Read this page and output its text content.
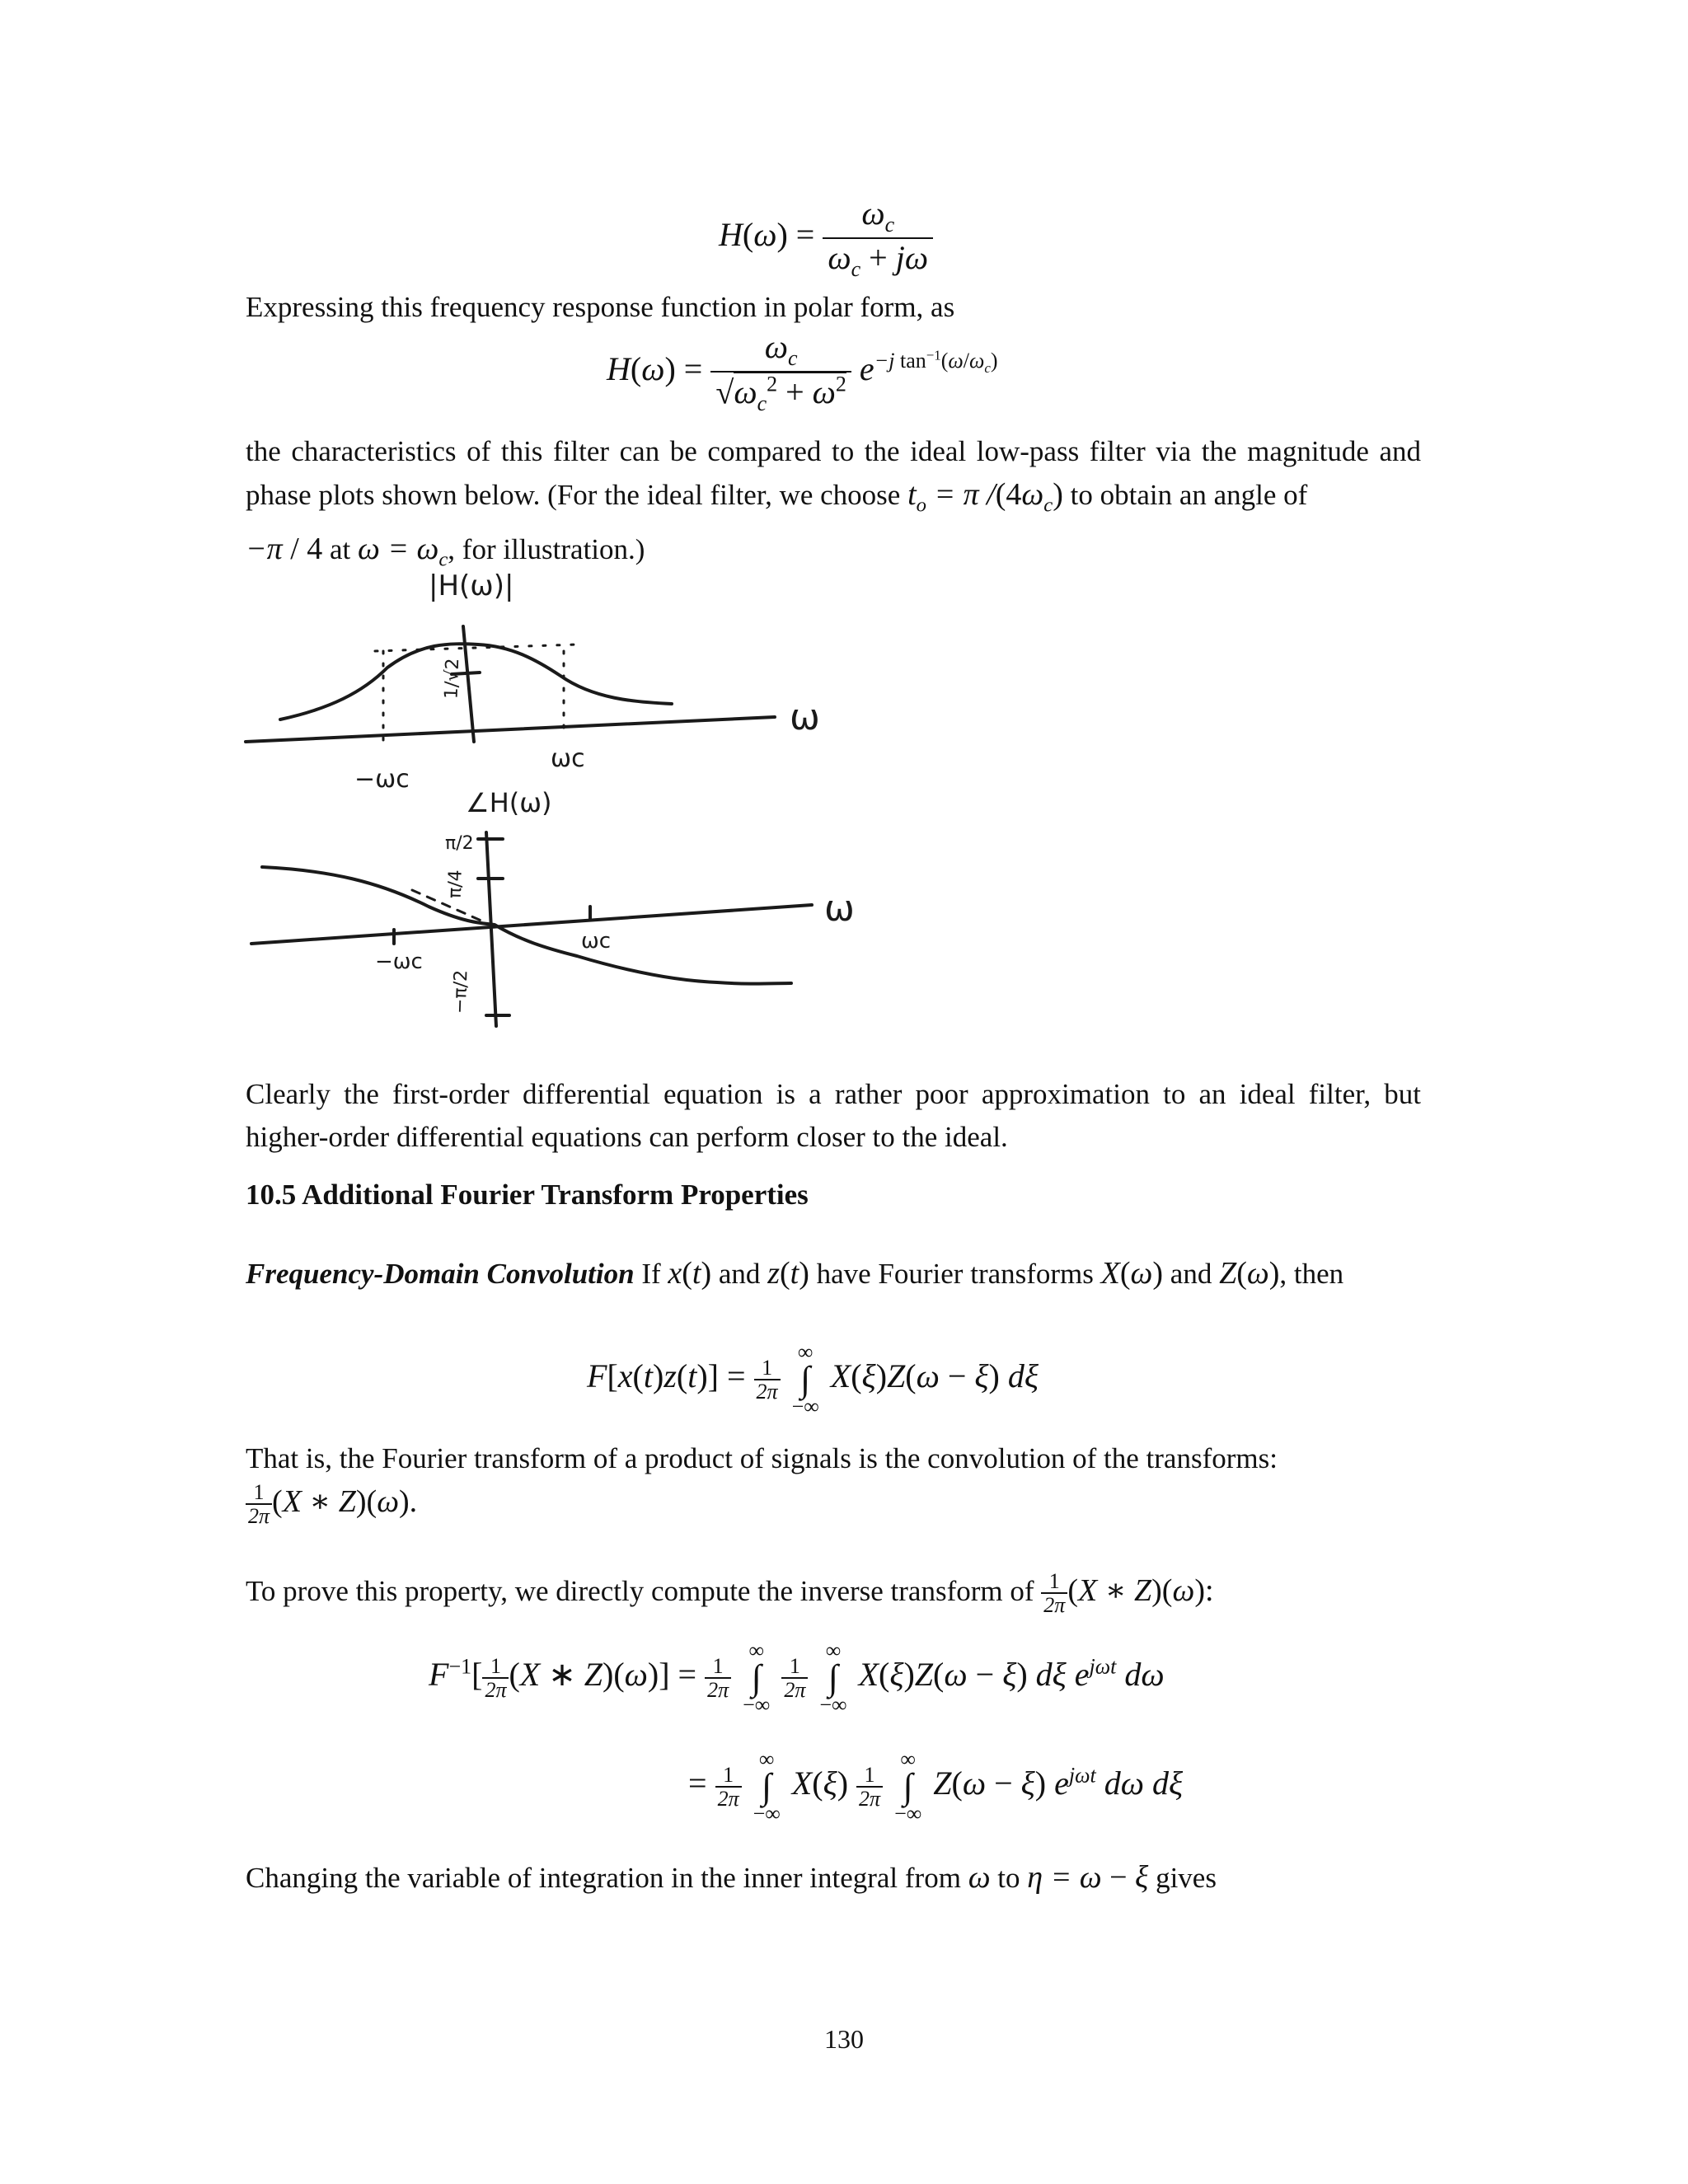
$H(\omega) = \frac{\omega_c}{\omega_c + j\omega}$
Expressing this frequency response function in polar form, as
$H(\omega) = \frac{\omega_c}{√\omega_c^2 + \omega^2} e^{-j tan^{-1}(\omega/\omega_c)}$
the characteristics of this filter can be compared to the ideal low-pass filter via the magnitude and phase plots shown below. (For the ideal filter, we choose $t_o = \pi$ $/(4\omega_c)$ to obtain an angle of
−π / 4 at $\omega = \omega_c$, for illustration.)
|H(ω)|
ω
1/√2
−ωc
ωc
∠H(ω)
ω
π/2
π/4
−ωc
ωc
−π/2
Clearly the first-order differential equation is a rather poor approximation to an ideal filter, but higher-order differential equations can perform closer to the ideal.
10.5 Additional Fourier Transform Properties
Frequency-Domain Convolution If x(t) and z(t) have Fourier transforms X(ω) and Z(ω), then
$F[x(t)z(t)] = \frac{1}{2\pi}$

∞
∫
−∞
X(ξ)Z(ω − ξ) dξ
That is, the Fourier transform of a product of signals is the convolution of the transforms:

$\frac{1}{2\pi} (X$ ∗ Z)(ω).
To prove this property, we directly compute the inverse transform of $\frac{1}{2\pi} (X$ ∗ Z)(ω):
$F^{-1}[ \frac{1}{2\pi} (X$ ∗ $Z)(\omega)] = \frac{1}{2\pi}$

∞
∫
−∞

$\frac{1}{2\pi}$

∞
∫
−∞
X(ξ)Z(ω − ξ) dξ $e^{j\omega t}$ dω
= $\frac{1}{2\pi}$

∞
∫
−∞
$X(\xi) \frac{1}{2\pi}$

∞
∫
−∞
Z(ω − ξ) $e^{j\omega t}$ dω dξ
Changing the variable of integration in the inner integral from ω to η = ω − ξ gives
130
